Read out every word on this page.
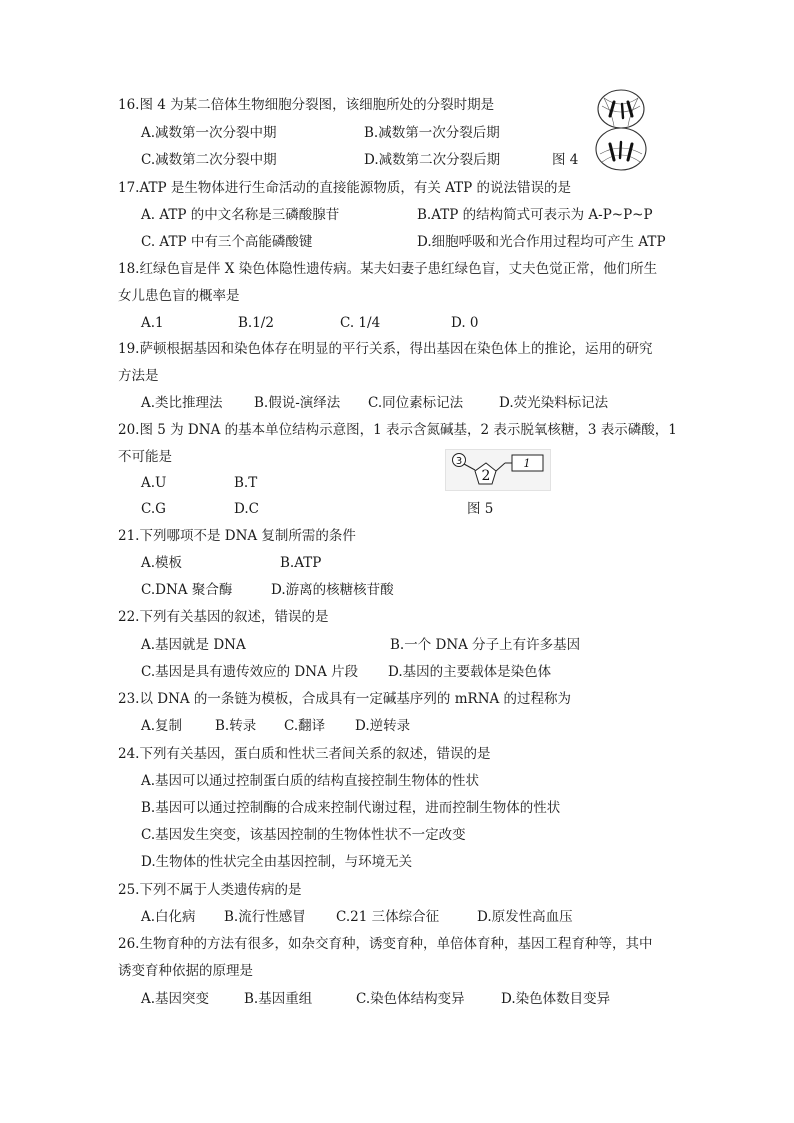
16.图 4 为某二倍体生物细胞分裂图，该细胞所处的分裂时期是
A.减数第一次分裂中期	B.减数第一次分裂后期
C.减数第二次分裂中期	D.减数第二次分裂后期	图 4
17.ATP 是生物体进行生命活动的直接能源物质，有关 ATP 的说法错误的是
A. ATP 的中文名称是三磷酸腺苷	B.ATP 的结构简式可表示为 A-P~P~P
C. ATP 中有三个高能磷酸键	D.细胞呼吸和光合作用过程均可产生 ATP
18.红绿色盲是伴 X 染色体隐性遗传病。某夫妇妻子患红绿色盲，丈夫色觉正常，他们所生
女儿患色盲的概率是
A.1	B.1/2	C. 1/4	D. 0
19.萨顿根据基因和染色体存在明显的平行关系，得出基因在染色体上的推论，运用的研究
方法是
A.类比推理法 B.假说-演绎法 C.同位素标记法	D.荧光染料标记法
20.图 5 为 DNA 的基本单位结构示意图，1 表示含氮碱基，2 表示脱氧核糖，3 表示磷酸，1
不可能是
A.U	B.T
C.G	D.C	图 5
3
2
1
21.下列哪项不是 DNA 复制所需的条件
A.模板	B.ATP
C.DNA 聚合酶	D.游离的核糖核苷酸
22.下列有关基因的叙述，错误的是
A.基因就是 DNA	B.一个 DNA 分子上有许多基因
C.基因是具有遗传效应的 DNA 片段 D.基因的主要载体是染色体
23.以 DNA 的一条链为模板，合成具有一定碱基序列的 mRNA 的过程称为
A.复制 B.转录 C.翻译 D.逆转录
24.下列有关基因，蛋白质和性状三者间关系的叙述，错误的是
A.基因可以通过控制蛋白质的结构直接控制生物体的性状
B.基因可以通过控制酶的合成来控制代谢过程，进而控制生物体的性状
C.基因发生突变，该基因控制的生物体性状不一定改变
D.生物体的性状完全由基因控制，与环境无关
25.下列不属于人类遗传病的是
A.白化病 B.流行性感冒 C.21 三体综合征	D.原发性高血压
26.生物育种的方法有很多，如杂交育种，诱变育种，单倍体育种，基因工程育种等，其中
诱变育种依据的原理是
A.基因突变	B.基因重组	C.染色体结构变异	D.染色体数目变异
